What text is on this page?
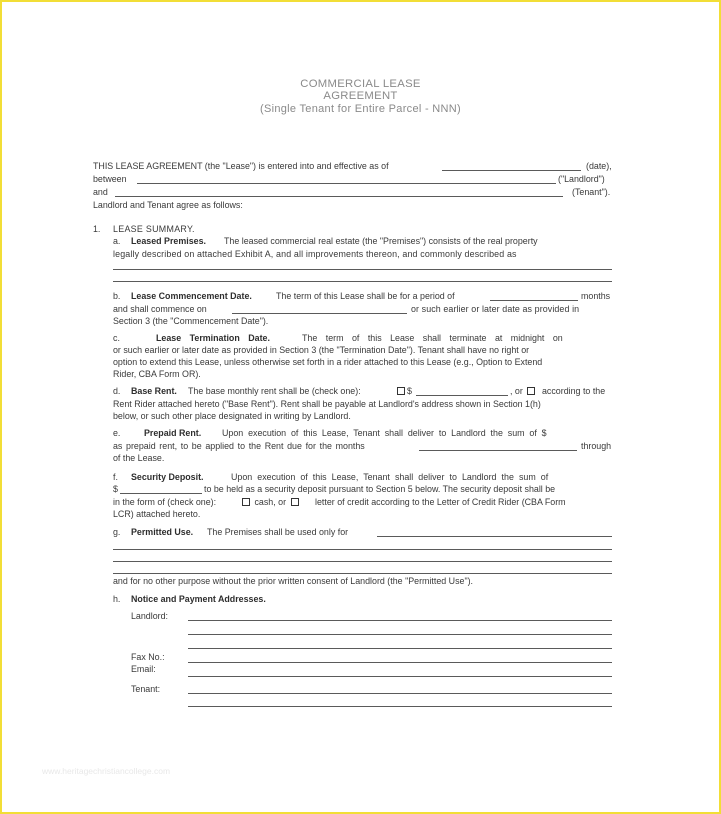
COMMERCIAL LEASE
AGREEMENT
(Single Tenant for Entire Parcel - NNN)
THIS LEASE AGREEMENT (the "Lease") is entered into and effective as of	(date),
between	("Landlord")
and	(Tenant").
Landlord and Tenant agree as follows:
1. LEASE SUMMARY.
a. Leased Premises. The leased commercial real estate (the "Premises") consists of the real property
legally described on attached Exhibit A, and all improvements thereon, and commonly described as
b. Lease Commencement Date.	The term of this Lease shall be for a period of	months
and shall commence on	or such earlier or later date as provided in
Section 3 (the "Commencement Date").
c.	Lease Termination Date.	The term of this Lease shall terminate at midnight on
or such earlier or later date as provided in Section 3 (the "Termination Date"). Tenant shall have no right or
option to extend this Lease, unless otherwise set forth in a rider attached to this Lease (e.g., Option to Extend
Rider, CBA Form OR).
d. Base Rent. The base monthly rent shall be (check one):	$	, or	according to the
Rent Rider attached hereto ("Base Rent"). Rent shall be payable at Landlord's address shown in Section 1(h)
below, or such other place designated in writing by Landlord.
e.	Prepaid Rent. Upon execution of this Lease, Tenant shall deliver to Landlord the sum of $
as prepaid rent, to be applied to the Rent due for the months	through
of the Lease.
f. Security Deposit.	Upon execution of this Lease, Tenant shall deliver to Landlord the sum of
$	to be held as a security deposit pursuant to Section 5 below. The security deposit shall be
in the form of (check one):	cash, or	letter of credit according to the Letter of Credit Rider (CBA Form
LCR) attached hereto.
g. Permitted Use. The Premises shall be used only for
and for no other purpose without the prior written consent of Landlord (the "Permitted Use").
h. Notice and Payment Addresses.
Landlord:
Fax No.:
Email:
Tenant:
www.heritagechristiancollege.com
